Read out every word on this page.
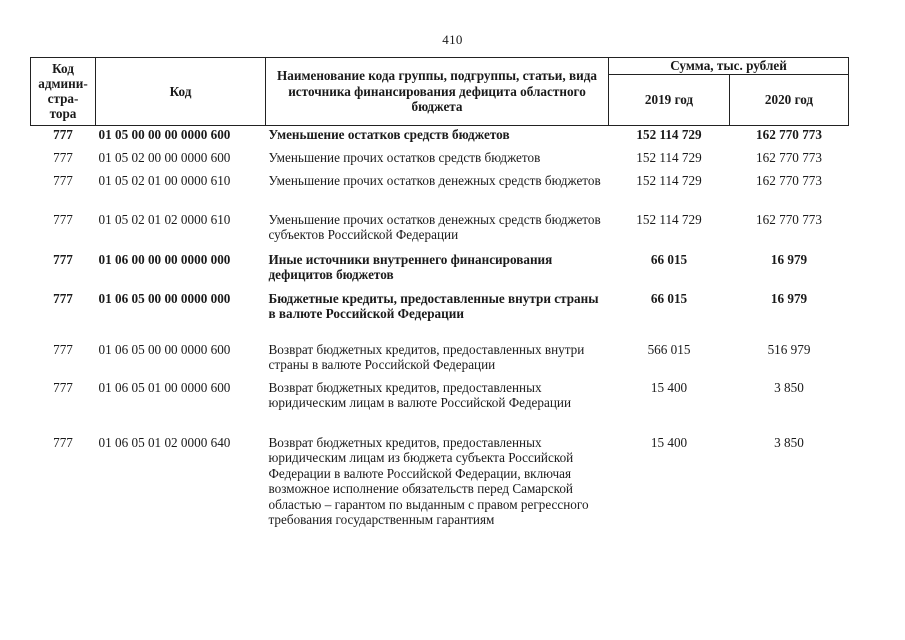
410
Код
админи-
стра-
тора	Код	Наименование кода группы, подгруппы, статьи, вида источника финансирования дефицита областного бюджета	Сумма, тыс. рублей	
			2019 год	2020 год
777	01 05 00 00 00 0000 600	Уменьшение остатков средств бюджетов	152 114 729	162 770 773
777	01 05 02 00 00 0000 600	Уменьшение прочих остатков средств бюджетов	152 114 729	162 770 773
777	01 05 02 01 00 0000 610	Уменьшение прочих остатков денежных средств бюджетов	152 114 729	162 770 773
777	01 05 02 01 02 0000 610	Уменьшение прочих остатков денежных средств бюджетов субъектов Российской Федерации	152 114 729	162 770 773
777	01 06 00 00 00 0000 000	Иные источники внутреннего финансирования дефицитов бюджетов	66 015	16 979
777	01 06 05 00 00 0000 000	Бюджетные кредиты, предоставленные внутри страны в валюте Российской Федерации	66 015	16 979
777	01 06 05 00 00 0000 600	Возврат бюджетных кредитов, предоставленных внутри страны в валюте Российской Федерации	566 015	516 979
777	01 06 05 01 00 0000 600	Возврат бюджетных кредитов, предоставленных юридическим лицам в валюте Российской Федерации	15 400	3 850
777	01 06 05 01 02 0000 640	Возврат бюджетных кредитов, предоставленных юридическим лицам из бюджета субъекта Российской Федерации в валюте Российской Федерации, включая возможное исполнение обязательств перед Самарской областью – гарантом по выданным с правом регрессного требования государственным гарантиям	15 400	3 850
